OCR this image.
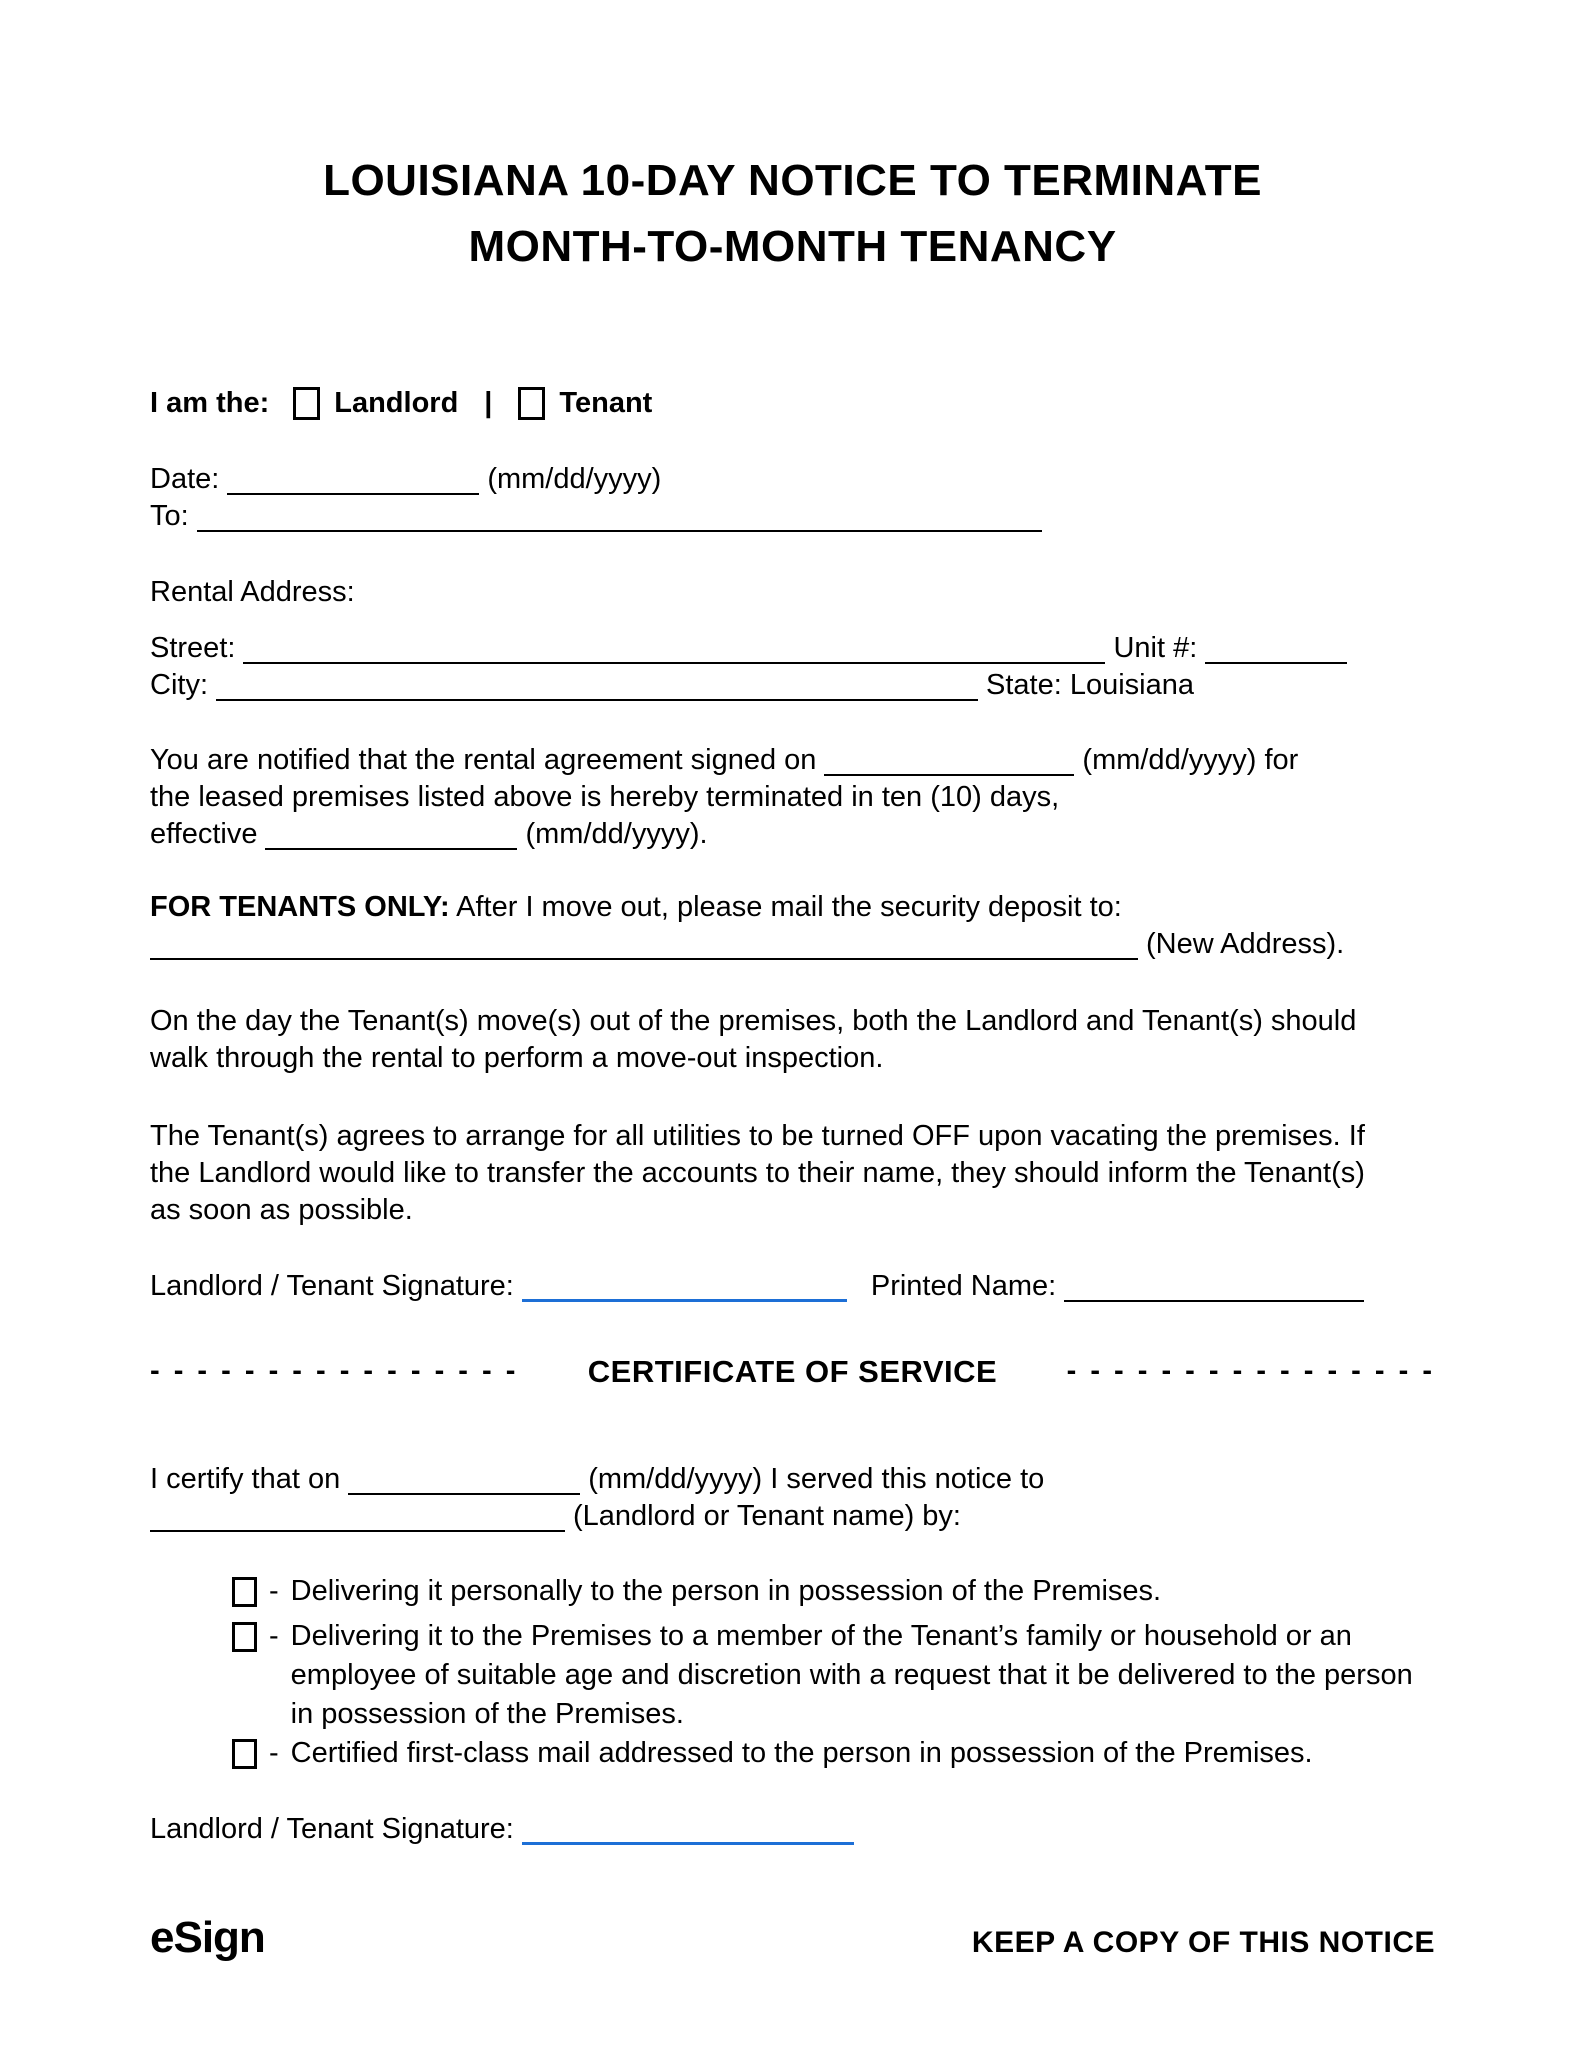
LOUISIANA 10-DAY NOTICE TO TERMINATE
MONTH-TO-MONTH TENANCY
I am the: Landlord | Tenant
Date:	(mm/dd/yyyy)
To:
Rental Address:
Street:	Unit #:
City:	State: Louisiana
You are notified that the rental agreement signed on	(mm/dd/yyyy) for
the leased premises listed above is hereby terminated in ten (10) days,
effective	(mm/dd/yyyy).
FOR TENANTS ONLY: After I move out, please mail the security deposit to:
(New Address).
On the day the Tenant(s) move(s) out of the premises, both the Landlord and Tenant(s) should
walk through the rental to perform a move-out inspection.
The Tenant(s) agrees to arrange for all utilities to be turned OFF upon vacating the premises. If
the Landlord would like to transfer the accounts to their name, they should inform the Tenant(s)
as soon as possible.
Landlord / Tenant Signature:	Printed Name:
- - - - - - - - - - - - - - - - CERTIFICATE OF SERVICE - - - - - - - - - - - - - - - -
I certify that on	(mm/dd/yyyy) I served this notice to
(Landlord or Tenant name) by:
- Delivering it personally to the person in possession of the Premises.
- Delivering it to the Premises to a member of the Tenant’s family or household or an employee of suitable age and discretion with a request that it be delivered to the person in possession of the Premises.
- Certified first-class mail addressed to the person in possession of the Premises.
Landlord / Tenant Signature:
eSign	KEEP A COPY OF THIS NOTICE
